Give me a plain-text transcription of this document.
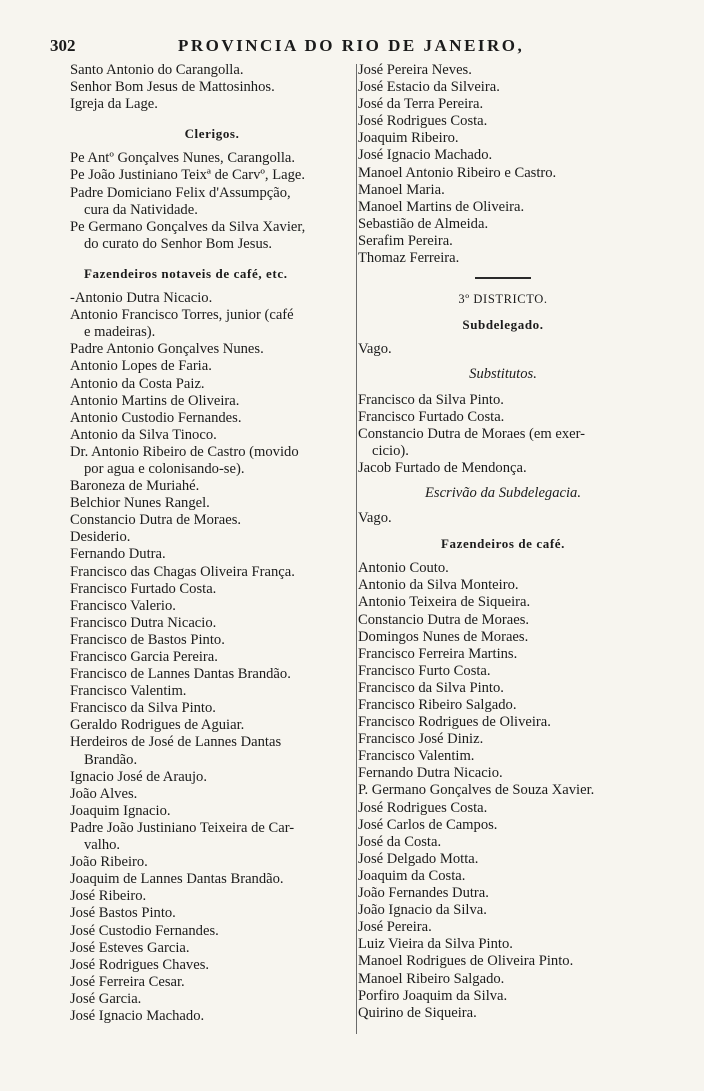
302	PROVINCIA DO RIO DE JANEIRO,
Santo Antonio do Carangolla.
Senhor Bom Jesus de Mattosinhos.
Igreja da Lage.
Clerigos.
Pe Antº Gonçalves Nunes, Carangolla.
Pe João Justiniano Teixª de Carvº, Lage.
Padre Domiciano Felix d'Assumpção,
cura da Natividade.
Pe Germano Gonçalves da Silva Xavier,
do curato do Senhor Bom Jesus.
Fazendeiros notaveis de café, etc.
-Antonio Dutra Nicacio.
Antonio Francisco Torres, junior (café
e madeiras).
Padre Antonio Gonçalves Nunes.
Antonio Lopes de Faria.
Antonio da Costa Paiz.
Antonio Martins de Oliveira.
Antonio Custodio Fernandes.
Antonio da Silva Tinoco.
Dr. Antonio Ribeiro de Castro (movido
por agua e colonisando-se).
Baroneza de Muriahé.
Belchior Nunes Rangel.
Constancio Dutra de Moraes.
Desiderio.
Fernando Dutra.
Francisco das Chagas Oliveira França.
Francisco Furtado Costa.
Francisco Valerio.
Francisco Dutra Nicacio.
Francisco de Bastos Pinto.
Francisco Garcia Pereira.
Francisco de Lannes Dantas Brandão.
Francisco Valentim.
Francisco da Silva Pinto.
Geraldo Rodrigues de Aguiar.
Herdeiros de José de Lannes Dantas
Brandão.
Ignacio José de Araujo.
João Alves.
Joaquim Ignacio.
Padre João Justiniano Teixeira de Car-
valho.
João Ribeiro.
Joaquim de Lannes Dantas Brandão.
José Ribeiro.
José Bastos Pinto.
José Custodio Fernandes.
José Esteves Garcia.
José Rodrigues Chaves.
José Ferreira Cesar.
José Garcia.
José Ignacio Machado.
José Pereira Neves.
José Estacio da Silveira.
José da Terra Pereira.
José Rodrigues Costa.
Joaquim Ribeiro.
José Ignacio Machado.
Manoel Antonio Ribeiro e Castro.
Manoel Maria.
Manoel Martins de Oliveira.
Sebastião de Almeida.
Serafim Pereira.
Thomaz Ferreira.
3º DISTRICTO.
Subdelegado.
Vago.
Substitutos.
Francisco da Silva Pinto.
Francisco Furtado Costa.
Constancio Dutra de Moraes (em exer-
cicio).
Jacob Furtado de Mendonça.
Escrivão da Subdelegacia.
Vago.
Fazendeiros de café.
Antonio Couto.
Antonio da Silva Monteiro.
Antonio Teixeira de Siqueira.
Constancio Dutra de Moraes.
Domingos Nunes de Moraes.
Francisco Ferreira Martins.
Francisco Furto Costa.
Francisco da Silva Pinto.
Francisco Ribeiro Salgado.
Francisco Rodrigues de Oliveira.
Francisco José Diniz.
Francisco Valentim.
Fernando Dutra Nicacio.
P. Germano Gonçalves de Souza Xavier.
José Rodrigues Costa.
José Carlos de Campos.
José da Costa.
José Delgado Motta.
Joaquim da Costa.
João Fernandes Dutra.
João Ignacio da Silva.
José Pereira.
Luiz Vieira da Silva Pinto.
Manoel Rodrigues de Oliveira Pinto.
Manoel Ribeiro Salgado.
Porfiro Joaquim da Silva.
Quirino de Siqueira.
